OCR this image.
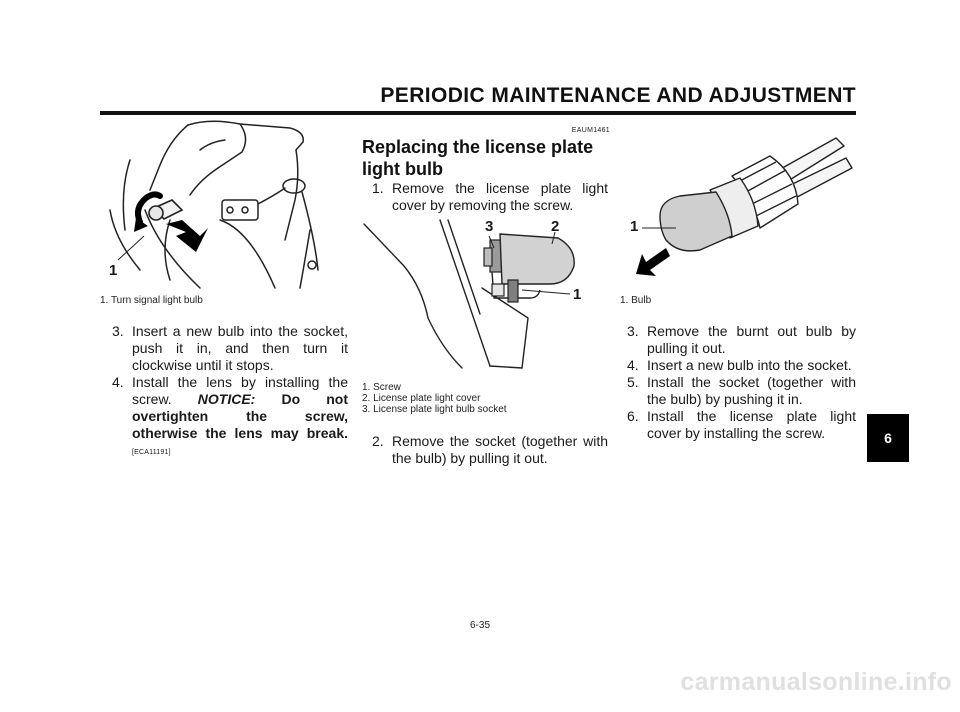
PERIODIC MAINTENANCE AND ADJUSTMENT
6
1
1. Turn signal light bulb
3. Insert a new bulb into the socket, push it in, and then turn it clockwise until it stops.
4. Install the lens by installing the screw. NOTICE: Do not overtighten the screw, otherwise the lens may break. [ECA11191]
EAUM1461
Replacing the license plate light bulb
1. Remove the license plate light cover by removing the screw.
3	2
1
1. Screw
2. License plate light cover
3. License plate light bulb socket
2. Remove the socket (together with the bulb) by pulling it out.
1
1. Bulb
3. Remove the burnt out bulb by pulling it out.
4. Insert a new bulb into the socket.
5. Install the socket (together with the bulb) by pushing it in.
6. Install the license plate light cover by installing the screw.
6-35
carmanualsonline.info
